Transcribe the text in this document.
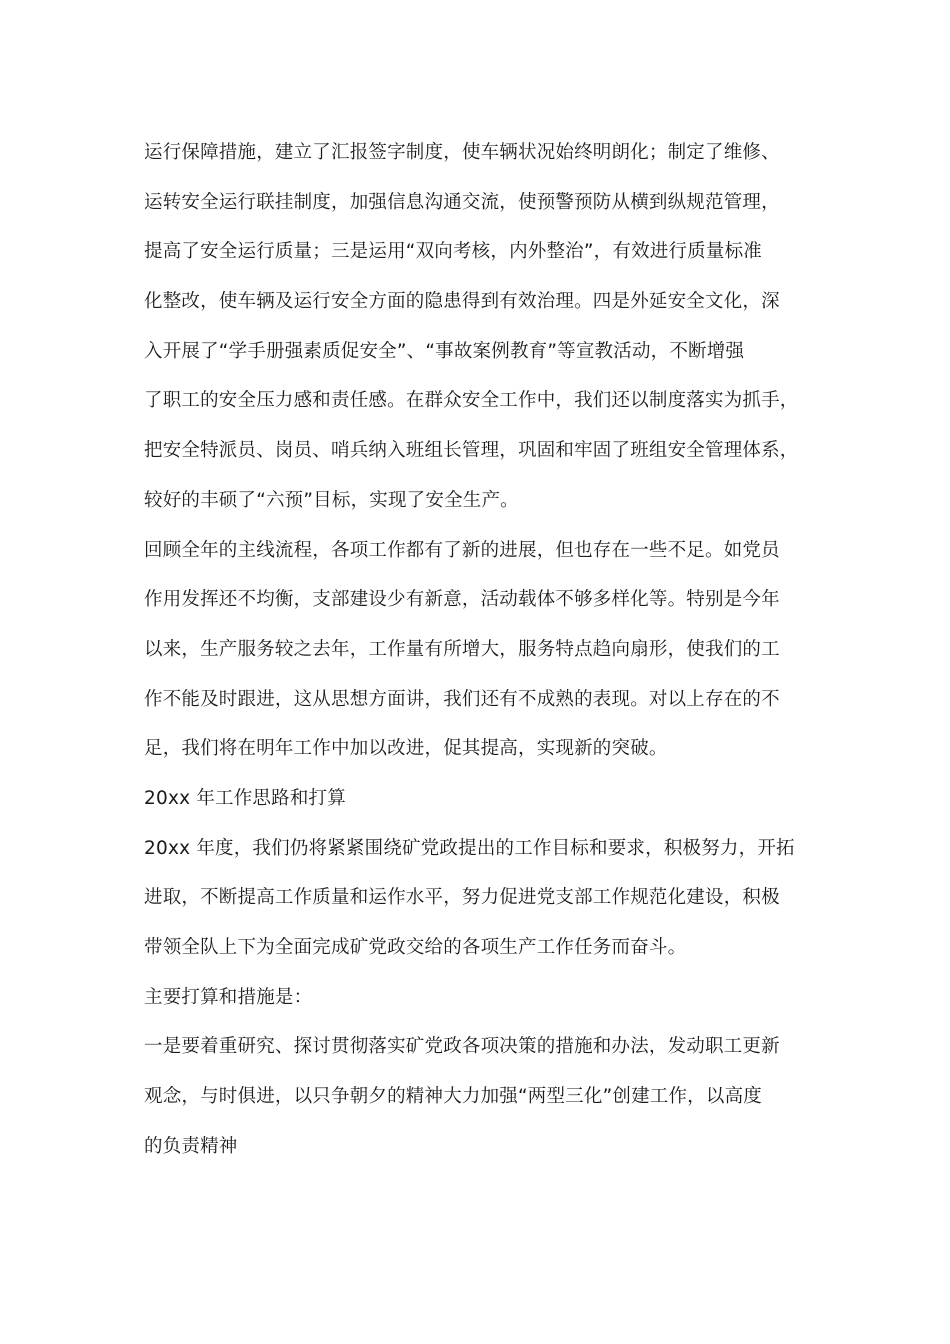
运行保障措施，建立了汇报签字制度，使车辆状况始终明朗化；制定了维修、
运转安全运行联挂制度，加强信息沟通交流，使预警预防从横到纵规范管理，
提高了安全运行质量；三是运用“双向考核，内外整治”，有效进行质量标准
化整改，使车辆及运行安全方面的隐患得到有效治理。四是外延安全文化，深
入开展了“学手册强素质促安全”、“事故案例教育”等宣教活动，不断增强
了职工的安全压力感和责任感。在群众安全工作中，我们还以制度落实为抓手，
把安全特派员、岗员、哨兵纳入班组长管理，巩固和牢固了班组安全管理体系，
较好的丰硕了“六预”目标，实现了安全生产。
回顾全年的主线流程，各项工作都有了新的进展，但也存在一些不足。如党员
作用发挥还不均衡，支部建设少有新意，活动载体不够多样化等。特别是今年
以来，生产服务较之去年，工作量有所增大，服务特点趋向扇形，使我们的工
作不能及时跟进，这从思想方面讲，我们还有不成熟的表现。对以上存在的不
足，我们将在明年工作中加以改进，促其提高，实现新的突破。
20xx 年工作思路和打算
20xx 年度，我们仍将紧紧围绕矿党政提出的工作目标和要求，积极努力，开拓
进取，不断提高工作质量和运作水平，努力促进党支部工作规范化建设，积极
带领全队上下为全面完成矿党政交给的各项生产工作任务而奋斗。
主要打算和措施是：
一是要着重研究、探讨贯彻落实矿党政各项决策的措施和办法，发动职工更新
观念，与时俱进，以只争朝夕的精神大力加强“两型三化”创建工作，以高度
的负责精神
